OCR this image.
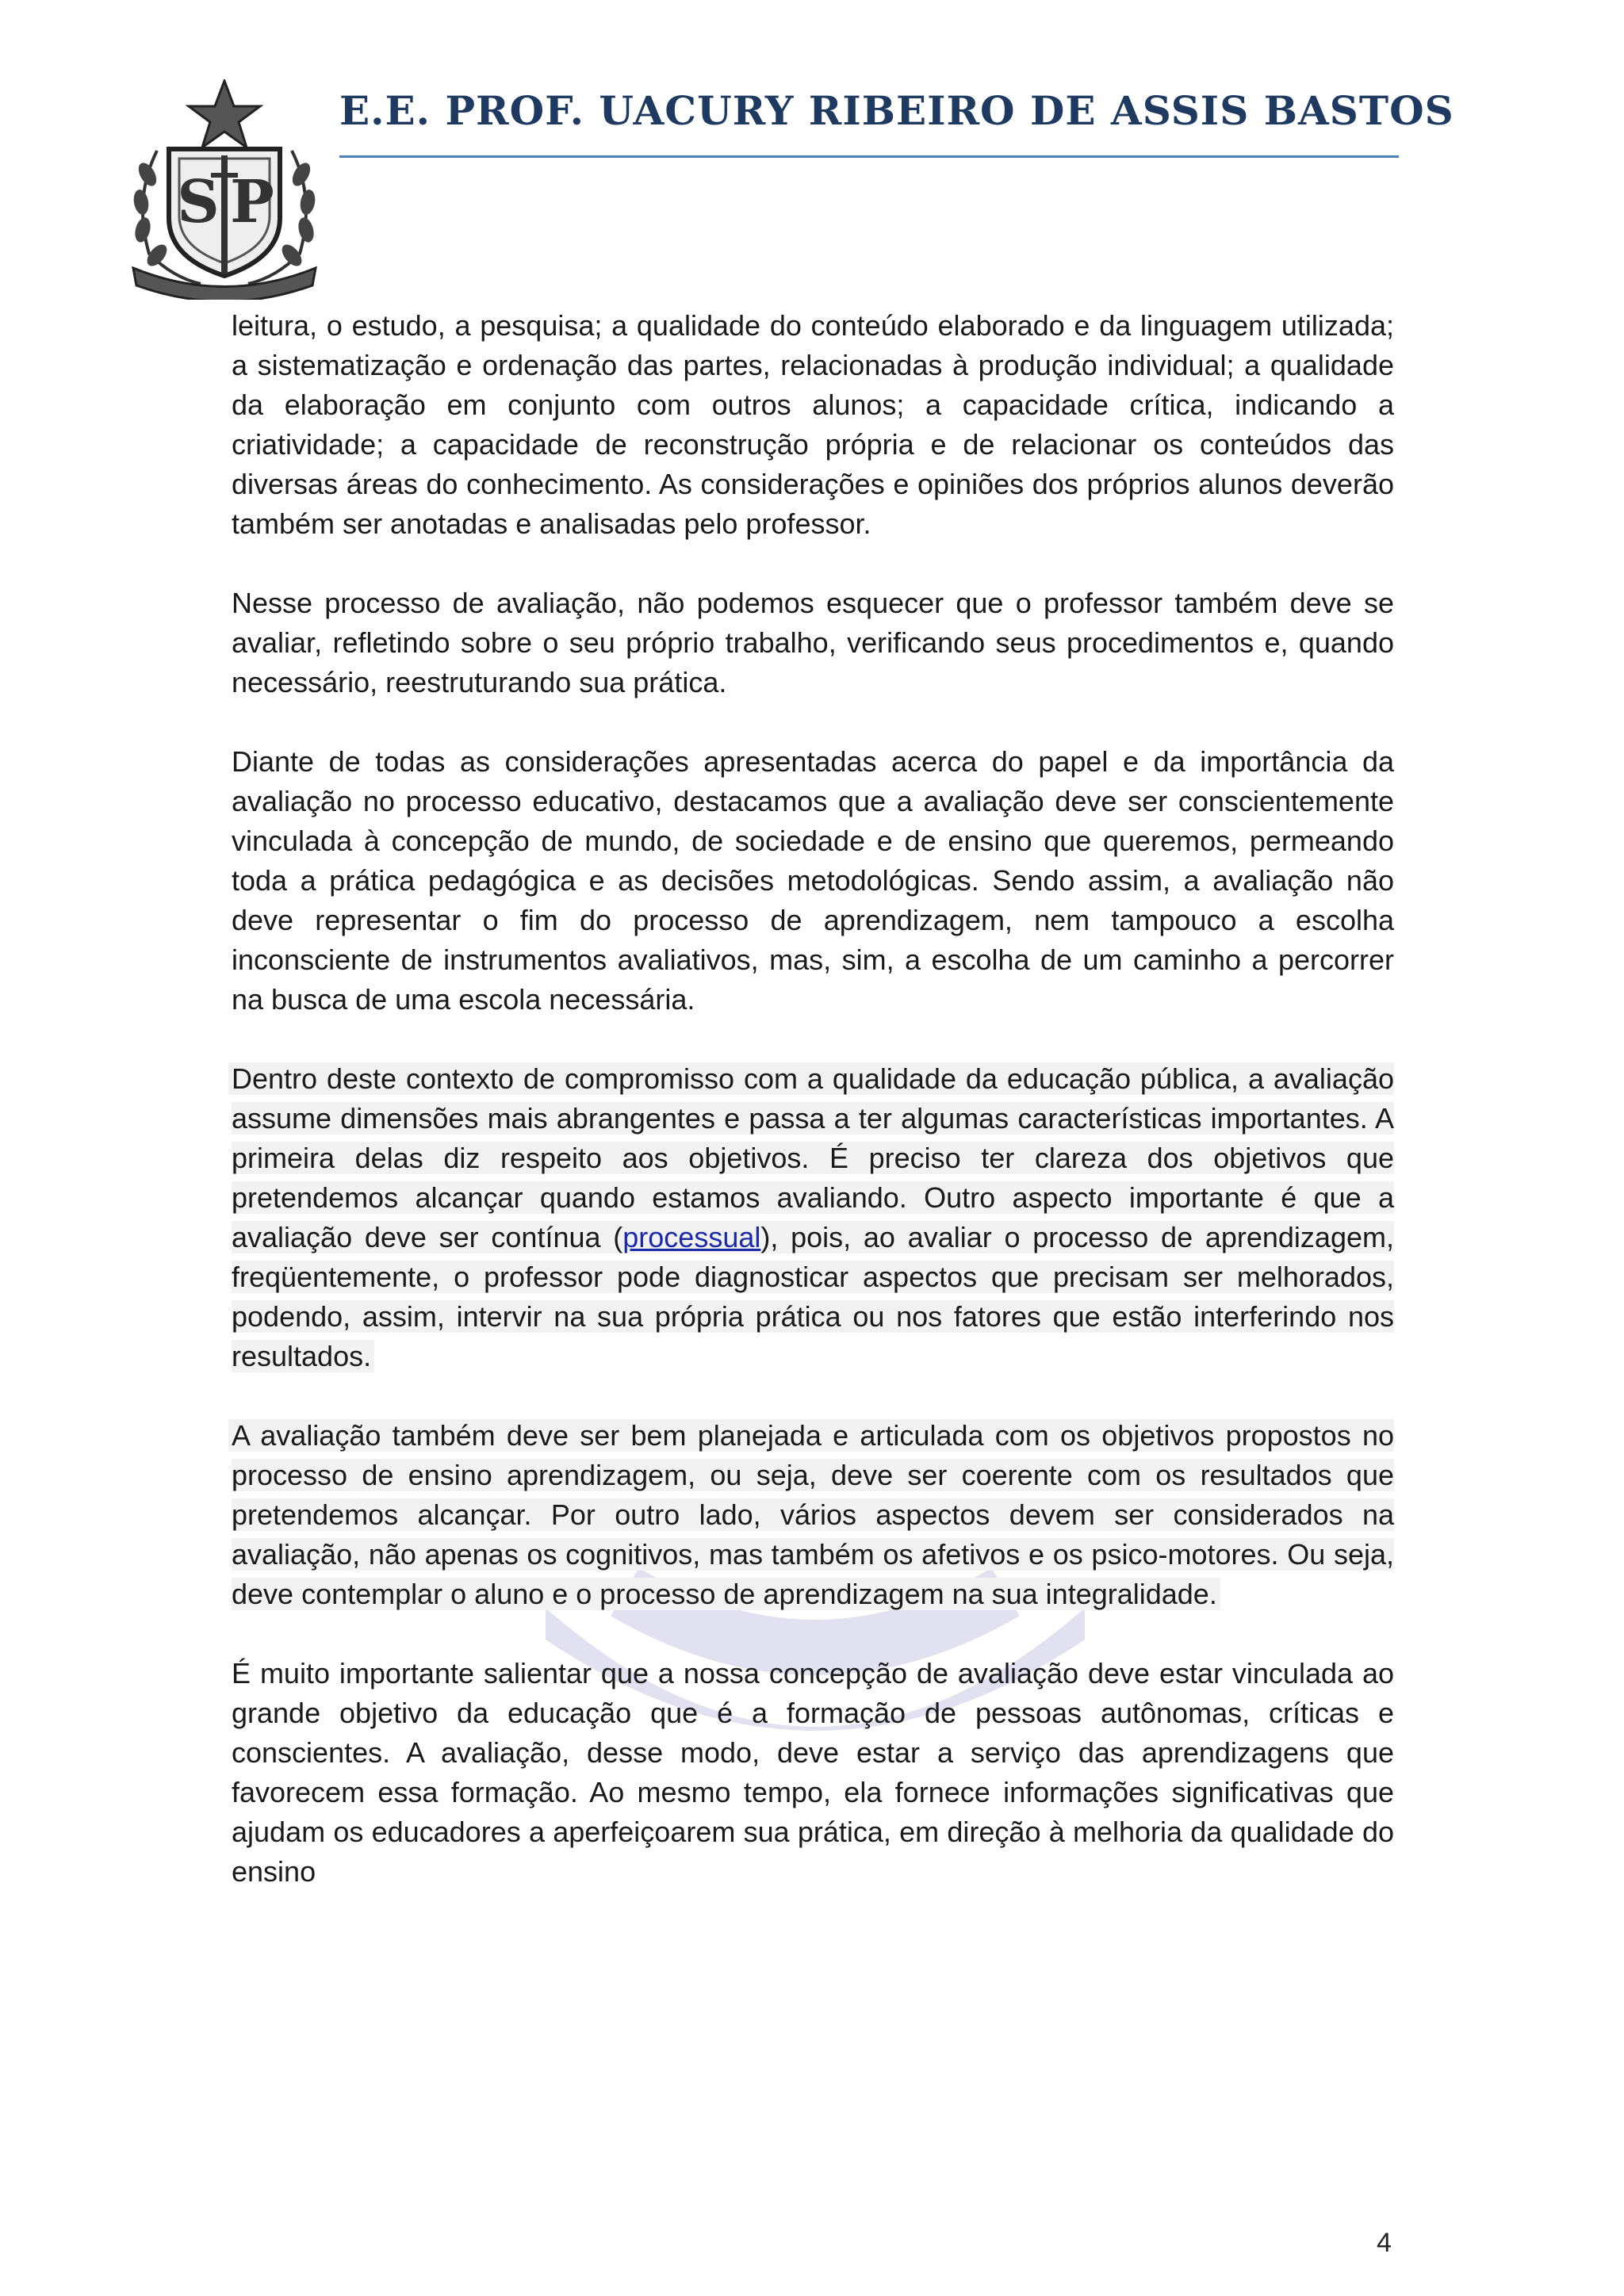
S P
E.E. PROF. UACURY RIBEIRO DE ASSIS BASTOS

leitura, o estudo, a pesquisa; a qualidade do conteúdo elaborado e da linguagem utilizada; a sistematização e ordenação das partes, relacionadas à produção individual; a qualidade da elaboração em conjunto com outros alunos; a capacidade crítica, indicando a criatividade; a capacidade de reconstrução própria e de relacionar os conteúdos das diversas áreas do conhecimento. As considerações e opiniões dos próprios alunos deverão também ser anotadas e analisadas pelo professor.

Nesse processo de avaliação, não podemos esquecer que o professor também deve se avaliar, refletindo sobre o seu próprio trabalho, verificando seus procedimentos e, quando necessário, reestruturando sua prática.

Diante de todas as considerações apresentadas acerca do papel e da importância da avaliação no processo educativo, destacamos que a avaliação deve ser conscientemente vinculada à concepção de mundo, de sociedade e de ensino que queremos, permeando toda a prática pedagógica e as decisões metodológicas. Sendo assim, a avaliação não deve representar o fim do processo de aprendizagem, nem tampouco a escolha inconsciente de instrumentos avaliativos, mas, sim, a escolha de um caminho a percorrer na busca de uma escola necessária.

Dentro deste contexto de compromisso com a qualidade da educação pública, a avaliação assume dimensões mais abrangentes e passa a ter algumas características importantes. A primeira delas diz respeito aos objetivos. É preciso ter clareza dos objetivos que pretendemos alcançar quando estamos avaliando. Outro aspecto importante é que a avaliação deve ser contínua (processual), pois, ao avaliar o processo de aprendizagem, freqüentemente, o professor pode diagnosticar aspectos que precisam ser melhorados, podendo, assim, intervir na sua própria prática ou nos fatores que estão interferindo nos resultados.

A avaliação também deve ser bem planejada e articulada com os objetivos propostos no processo de ensino aprendizagem, ou seja, deve ser coerente com os resultados que pretendemos alcançar. Por outro lado, vários aspectos devem ser considerados na avaliação, não apenas os cognitivos, mas também os afetivos e os psico-motores. Ou seja, deve contemplar o aluno e o processo de aprendizagem na sua integralidade.

É muito importante salientar que a nossa concepção de avaliação deve estar vinculada ao grande objetivo da educação que é a formação de pessoas autônomas, críticas e conscientes. A avaliação, desse modo, deve estar a serviço das aprendizagens que favorecem essa formação. Ao mesmo tempo, ela fornece informações significativas que ajudam os educadores a aperfeiçoarem sua prática, em direção à melhoria da qualidade do ensino

4
